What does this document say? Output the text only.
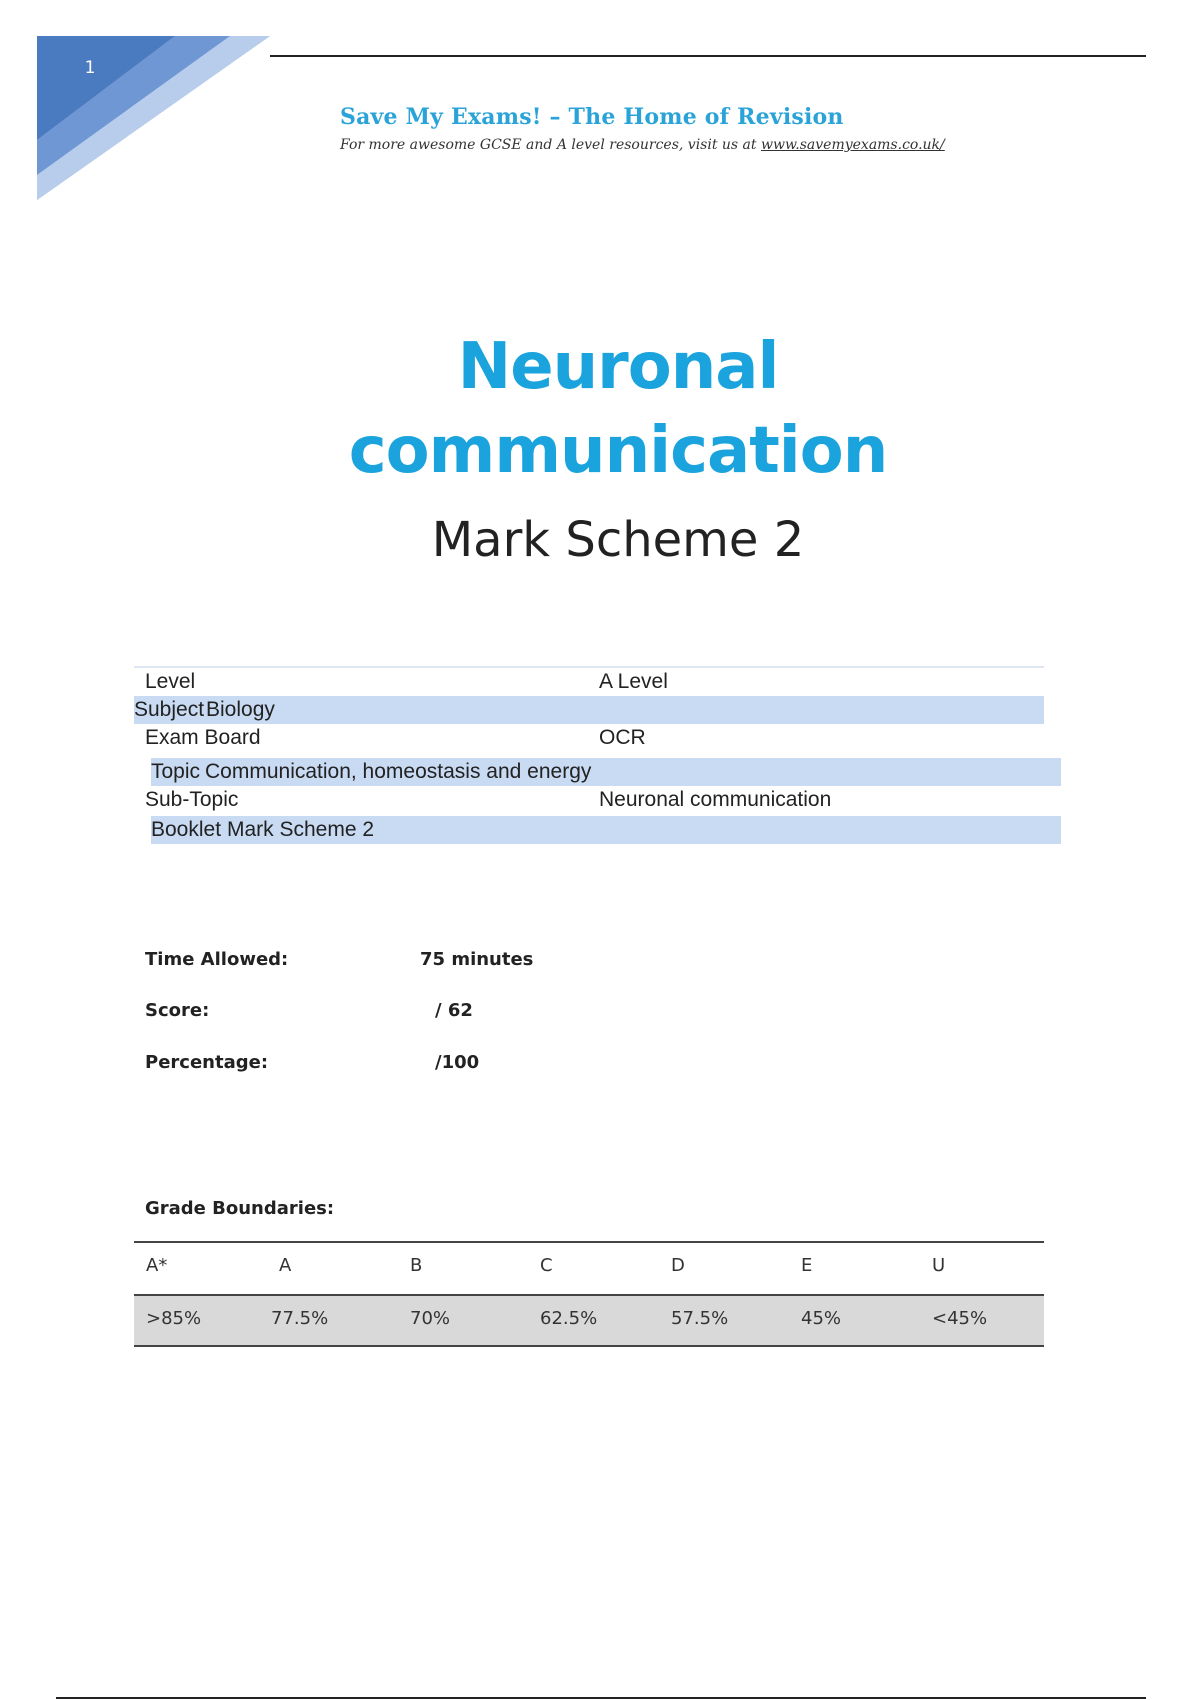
1
Save My Exams! – The Home of Revision
For more awesome GCSE and A level resources, visit us at www.savemyexams.co.uk/
Neuronal
communication
Mark Scheme 2
Level	A Level
Subject Biology
Exam Board	OCR
Topic Communication, homeostasis and energy
Sub-Topic	Neuronal communication
Booklet Mark Scheme 2
Time Allowed:	75 minutes
Score:	/ 62
Percentage:	/100
Grade Boundaries:
A*	A	B	C	D	E	U
>85%	77.5%	70%	62.5%	57.5%	45%	<45%
